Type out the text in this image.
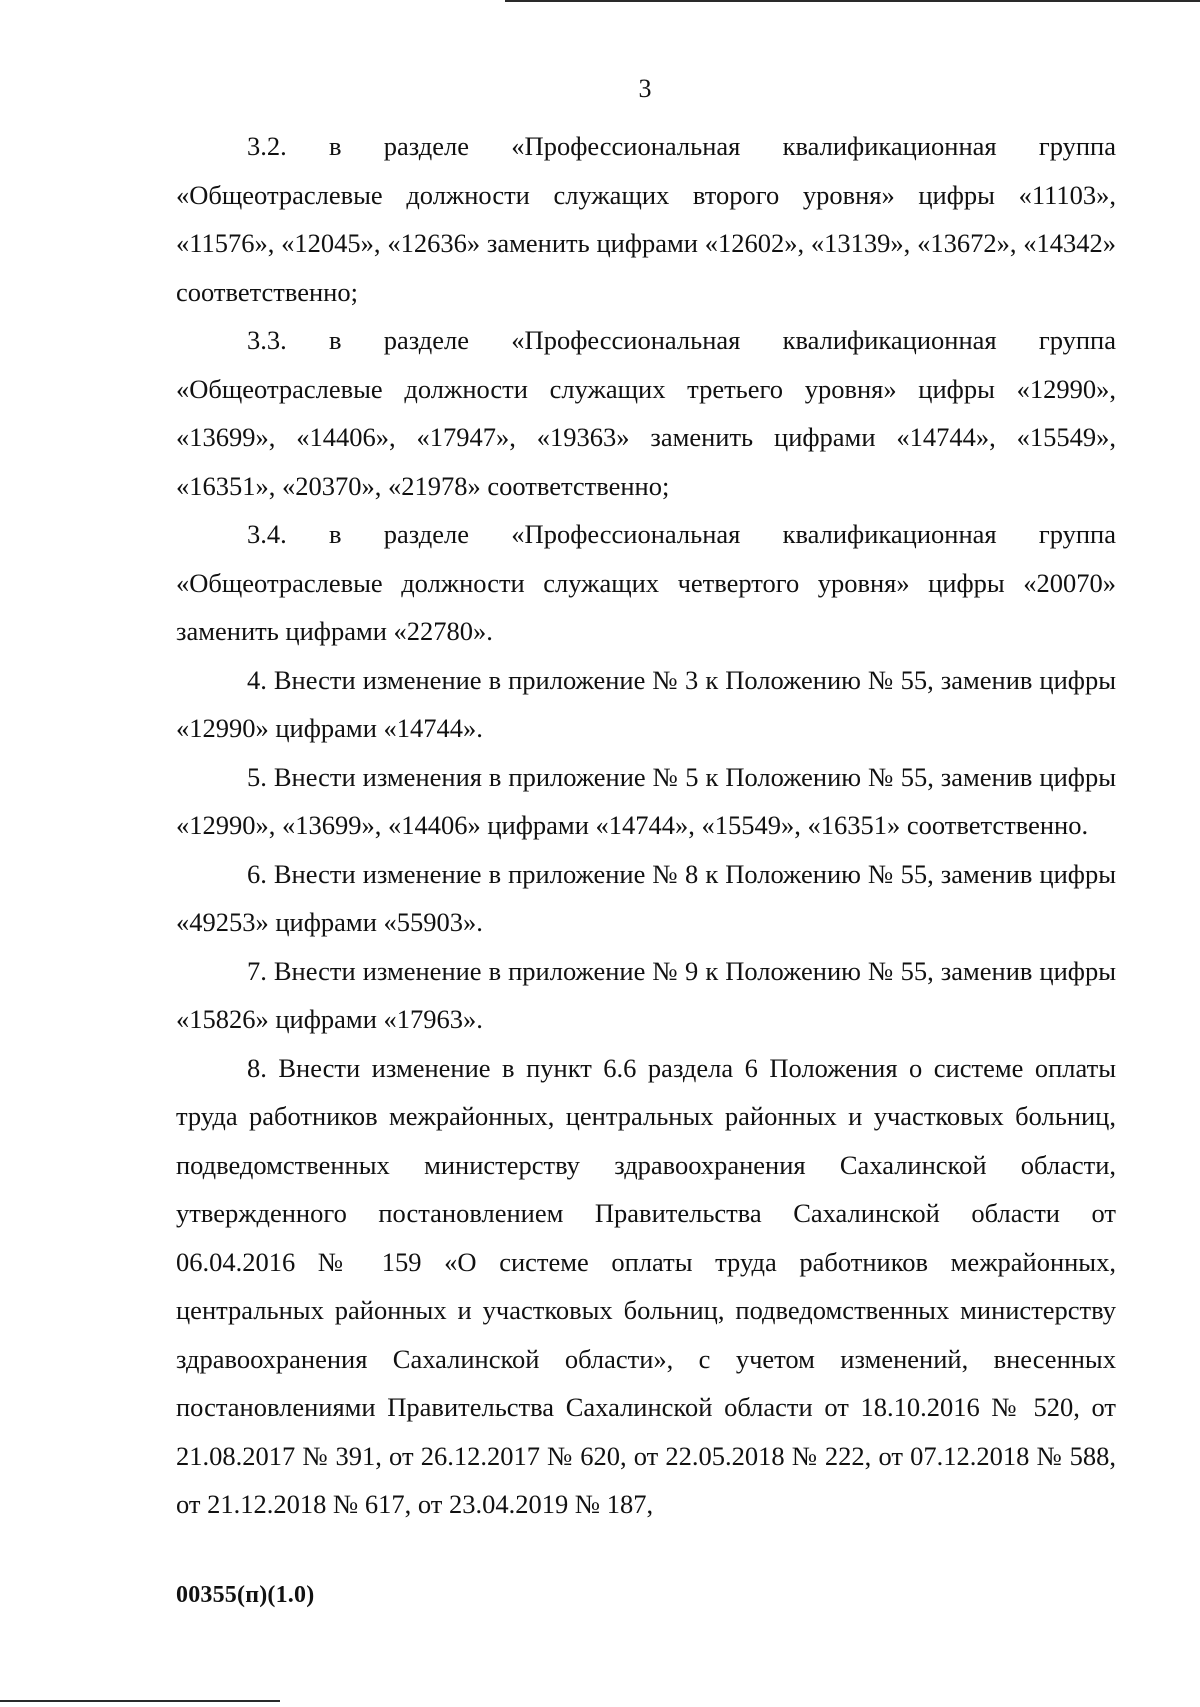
3

3.2. в разделе «Профессиональная квалификационная группа «Общеотраслевые должности служащих второго уровня» цифры «11103», «11576», «12045», «12636» заменить цифрами «12602», «13139», «13672», «14342» соответственно;

3.3. в разделе «Профессиональная квалификационная группа «Общеотраслевые должности служащих третьего уровня» цифры «12990», «13699», «14406», «17947», «19363» заменить цифрами «14744», «15549», «16351», «20370», «21978» соответственно;

3.4. в разделе «Профессиональная квалификационная группа «Общеотраслевые должности служащих четвертого уровня» цифры «20070» заменить цифрами «22780».

4. Внести изменение в приложение № 3 к Положению № 55, заменив цифры «12990» цифрами «14744».

5. Внести изменения в приложение № 5 к Положению № 55, заменив цифры «12990», «13699», «14406» цифрами «14744», «15549», «16351» соответственно.

6. Внести изменение в приложение № 8 к Положению № 55, заменив цифры «49253» цифрами «55903».

7. Внести изменение в приложение № 9 к Положению № 55, заменив цифры «15826» цифрами «17963».

8. Внести изменение в пункт 6.6 раздела 6 Положения о системе оплаты труда работников межрайонных, центральных районных и участковых больниц, подведомственных министерству здравоохранения Сахалинской области, утвержденного постановлением Правительства Сахалинской области от 06.04.2016 № 159 «О системе оплаты труда работников межрайонных, центральных районных и участковых больниц, подведомственных министерству здравоохранения Сахалинской области», с учетом изменений, внесенных постановлениями Правительства Сахалинской области от 18.10.2016 № 520, от 21.08.2017 № 391, от 26.12.2017 № 620, от 22.05.2018 № 222, от 07.12.2018 № 588, от 21.12.2018 № 617, от 23.04.2019 № 187,

00355(п)(1.0)
